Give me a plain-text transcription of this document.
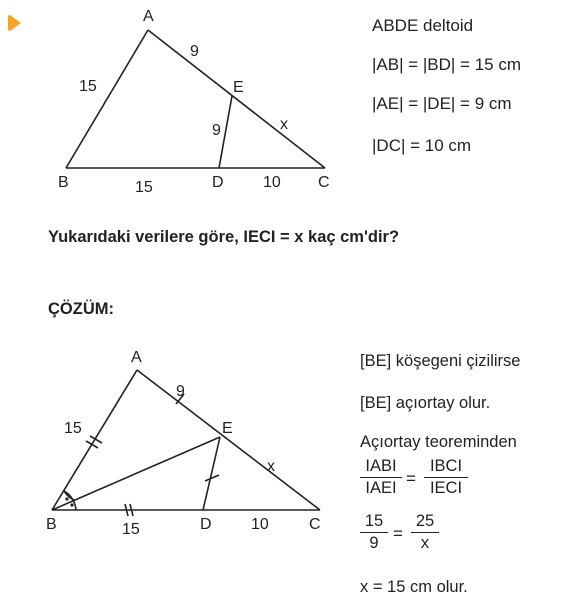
A
B	C
D
E
15
9
9
15	10
x
ABDE deltoid
|AB| = |BD| = 15 cm
|AE| = |DE| = 9 cm
|DC| = 10 cm
Yukarıdaki verilere göre, IECI = x kaç cm'dir?
ÇÖZÜM:
A
B	C
D
E
15
9
15	10
x
[BE] köşegeni çizilirse
[BE] açıortay olur.
Açıortay teoreminden
IABI
IAEI =
IBCI
IECI
15
9 =
25
x
x = 15 cm olur.
